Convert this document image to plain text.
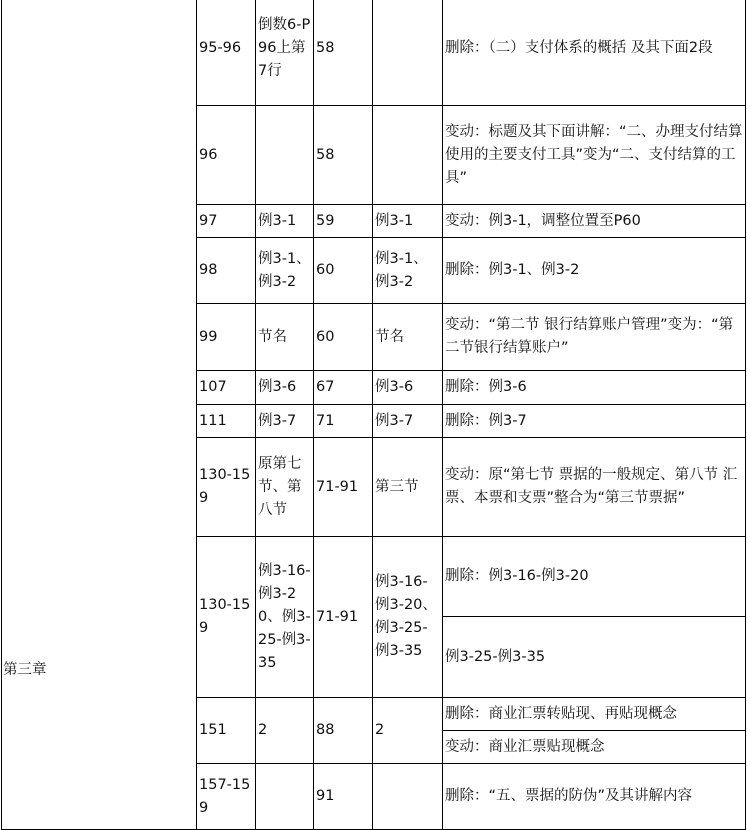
	95-96	倒数6-P96上第7行	58		删除：（二）支付体系的概括 及其下面2段
	96		58		变动：标题及其下面讲解：“二、办理支付结算使用的主要支付工具”变为“二、支付结算的工具”
	97	例3-1	59	例3-1	变动：例3-1，调整位置至P60
	98	例3-1、例3-2	60	例3-1、例3-2	删除：例3-1、例3-2
	99	节名	60	节名	变动：“第二节 银行结算账户管理”变为：“第二节银行结算账户”
	107	例3-6	67	例3-6	删除：例3-6
	111	例3-7	71	例3-7	删除：例3-7
	130-159	原第七节、第八节	71-91	第三节	变动：原“第七节 票据的一般规定、第八节 汇票、本票和支票”整合为“第三节票据”
	130-159	例3-16-例3-20、例3-25-例3-35	71-91	例3-16-例3-20、例3-25-例3-35	删除：例3-16-例3-20
					例3-25-例3-35
	151	2	88	2	删除：商业汇票转贴现、再贴现概念
					变动：商业汇票贴现概念
	157-159		91		删除：“五、票据的防伪”及其讲解内容
第三章
